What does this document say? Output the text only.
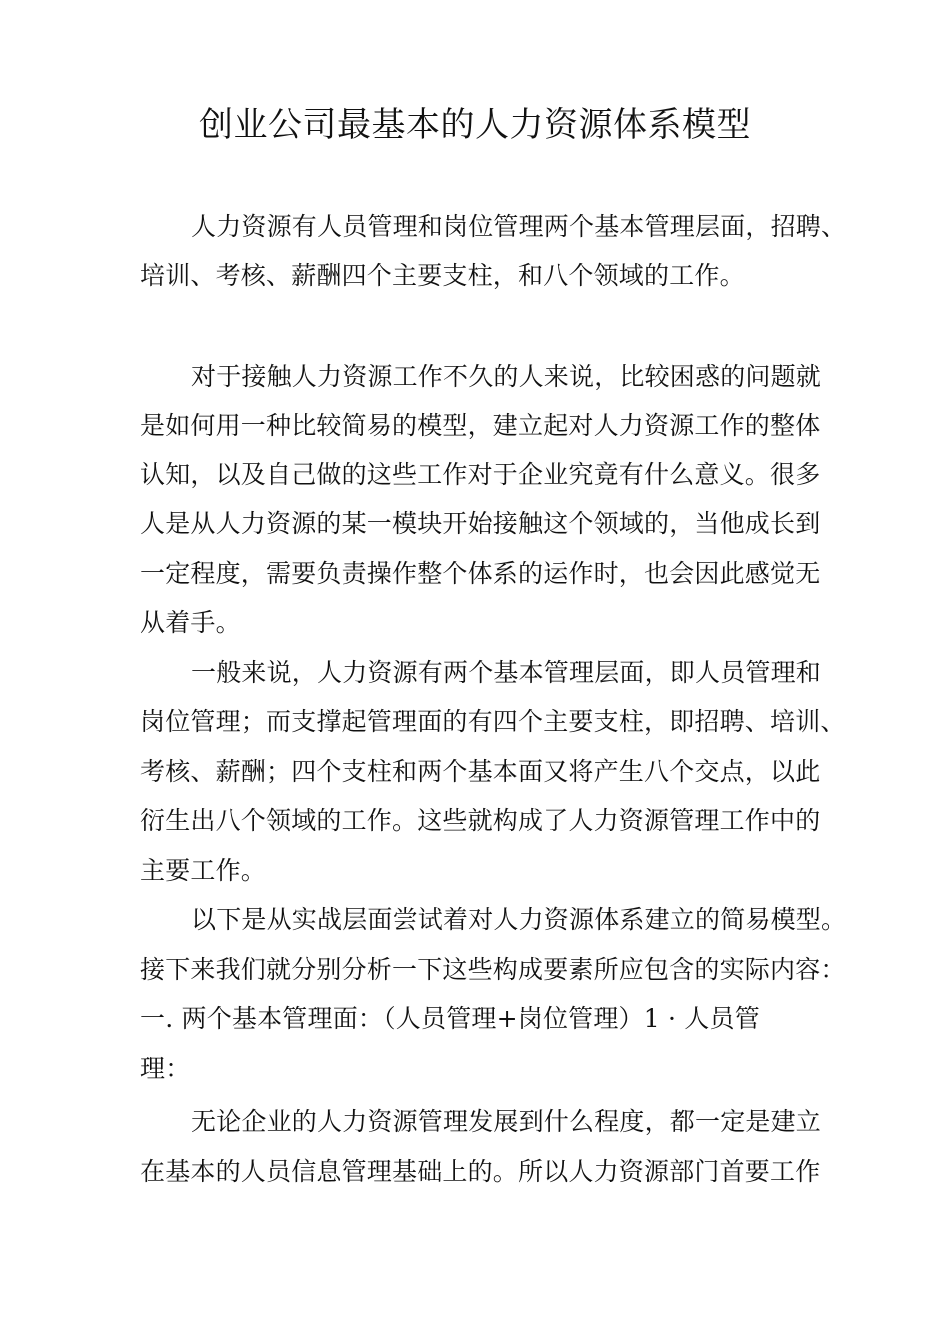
创业公司最基本的人力资源体系模型
人力资源有人员管理和岗位管理两个基本管理层面，招聘、
培训、考核、薪酬四个主要支柱，和八个领域的工作。
对于接触人力资源工作不久的人来说，比较困惑的问题就
是如何用一种比较简易的模型，建立起对人力资源工作的整体
认知，以及自己做的这些工作对于企业究竟有什么意义。很多
人是从人力资源的某一模块开始接触这个领域的，当他成长到
一定程度，需要负责操作整个体系的运作时，也会因此感觉无
从着手。
一般来说，人力资源有两个基本管理层面，即人员管理和
岗位管理；而支撑起管理面的有四个主要支柱，即招聘、培训、
考核、薪酬；四个支柱和两个基本面又将产生八个交点，以此
衍生出八个领域的工作。这些就构成了人力资源管理工作中的
主要工作。
以下是从实战层面尝试着对人力资源体系建立的简易模型。
接下来我们就分别分析一下这些构成要素所应包含的实际内容：
一. 两个基本管理面：（人员管理+岗位管理）1 · 人员管
理：
无论企业的人力资源管理发展到什么程度，都一定是建立
在基本的人员信息管理基础上的。所以人力资源部门首要工作
